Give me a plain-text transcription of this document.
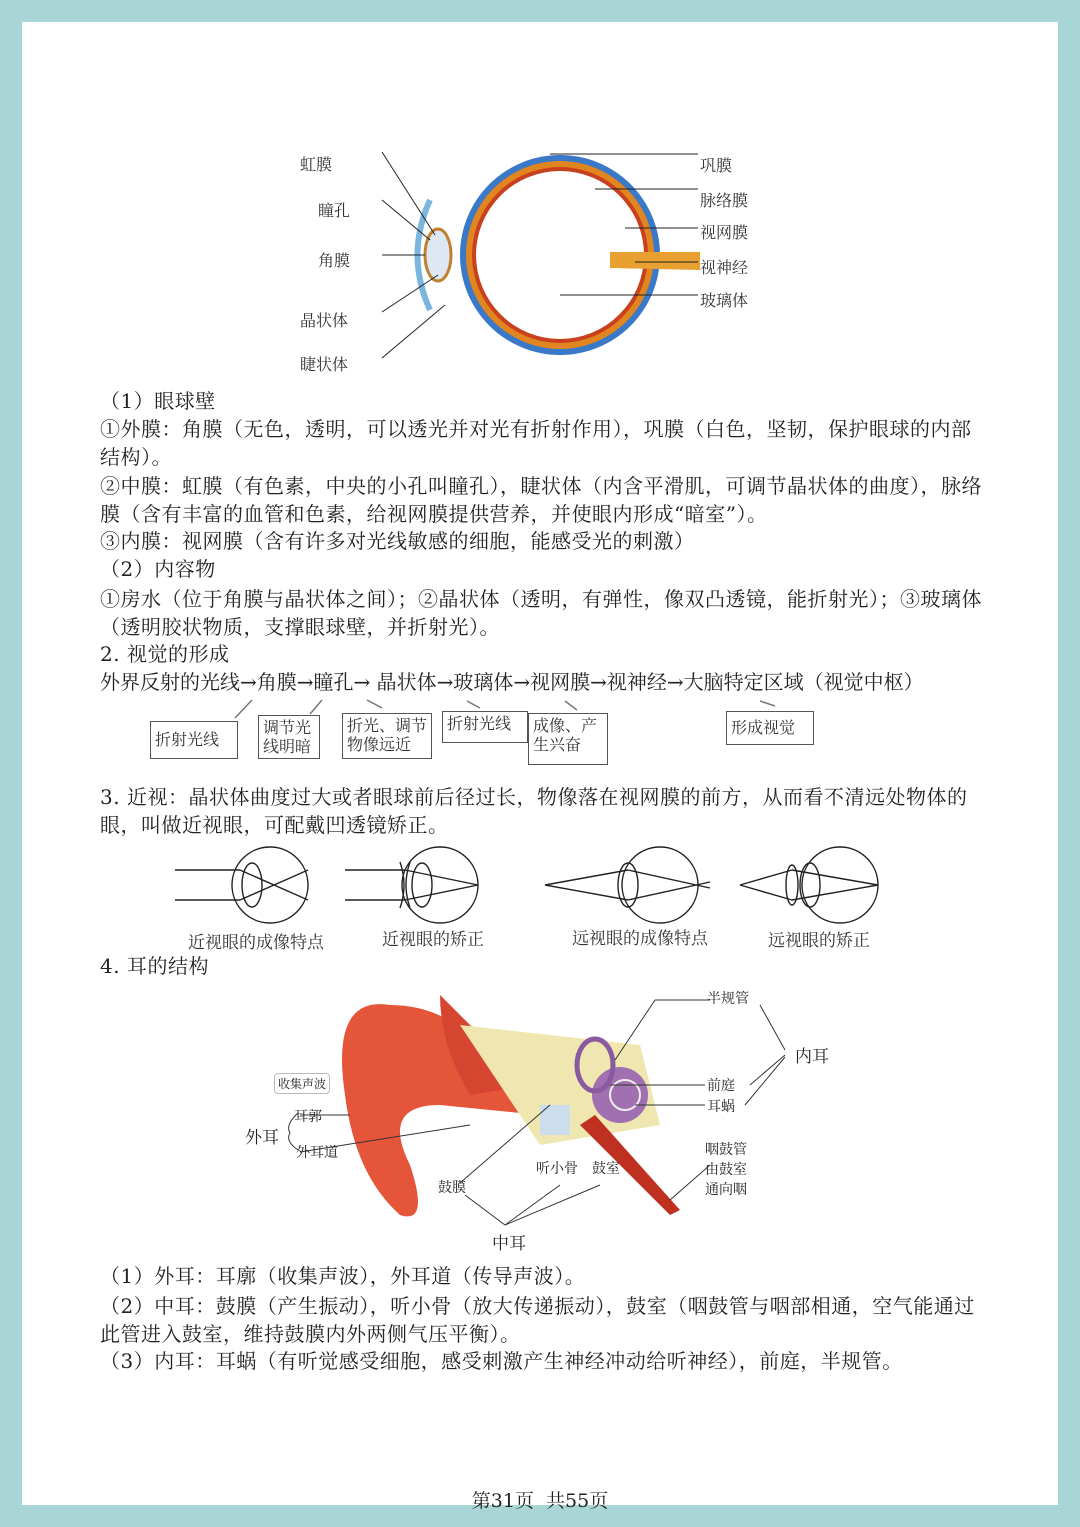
虹膜
瞳孔
角膜
晶状体
睫状体
巩膜
脉络膜
视网膜
视神经
玻璃体
（1）眼球壁
①外膜：角膜（无色，透明，可以透光并对光有折射作用），巩膜（白色，坚韧，保护眼球的内部结构）。
②中膜：虹膜（有色素，中央的小孔叫瞳孔），睫状体（内含平滑肌，可调节晶状体的曲度），脉络膜（含有丰富的血管和色素，给视网膜提供营养，并使眼内形成“暗室”）。
③内膜：视网膜（含有许多对光线敏感的细胞，能感受光的刺激）
（2）内容物
①房水（位于角膜与晶状体之间）；②晶状体（透明，有弹性，像双凸透镜，能折射光）；③玻璃体（透明胶状物质，支撑眼球壁，并折射光）。
2. 视觉的形成
外界反射的光线→角膜→瞳孔→ 晶状体→玻璃体→视网膜→视神经→大脑特定区域（视觉中枢）
折射光线
调节光线明暗
折光、调节物像远近
折射光线	成像、产生兴奋
形成视觉
3. 近视：晶状体曲度过大或者眼球前后径过长，物像落在视网膜的前方，从而看不清远处物体的眼，叫做近视眼，可配戴凹透镜矫正。
近视眼的成像特点	近视眼的矫正	远视眼的成像特点	远视眼的矫正
4. 耳的结构
收集声波
外耳
耳郭
外耳道
鼓膜
听小骨 鼓室
中耳
半规管
前庭
耳蜗
内耳
咽鼓管
由鼓室
通向咽
（1）外耳：耳廓（收集声波），外耳道（传导声波）。
（2）中耳：鼓膜（产生振动），听小骨（放大传递振动），鼓室（咽鼓管与咽部相通，空气能通过此管进入鼓室，维持鼓膜内外两侧气压平衡）。
（3）内耳：耳蜗（有听觉感受细胞，感受刺激产生神经冲动给听神经），前庭，半规管。
第31页  共55页
